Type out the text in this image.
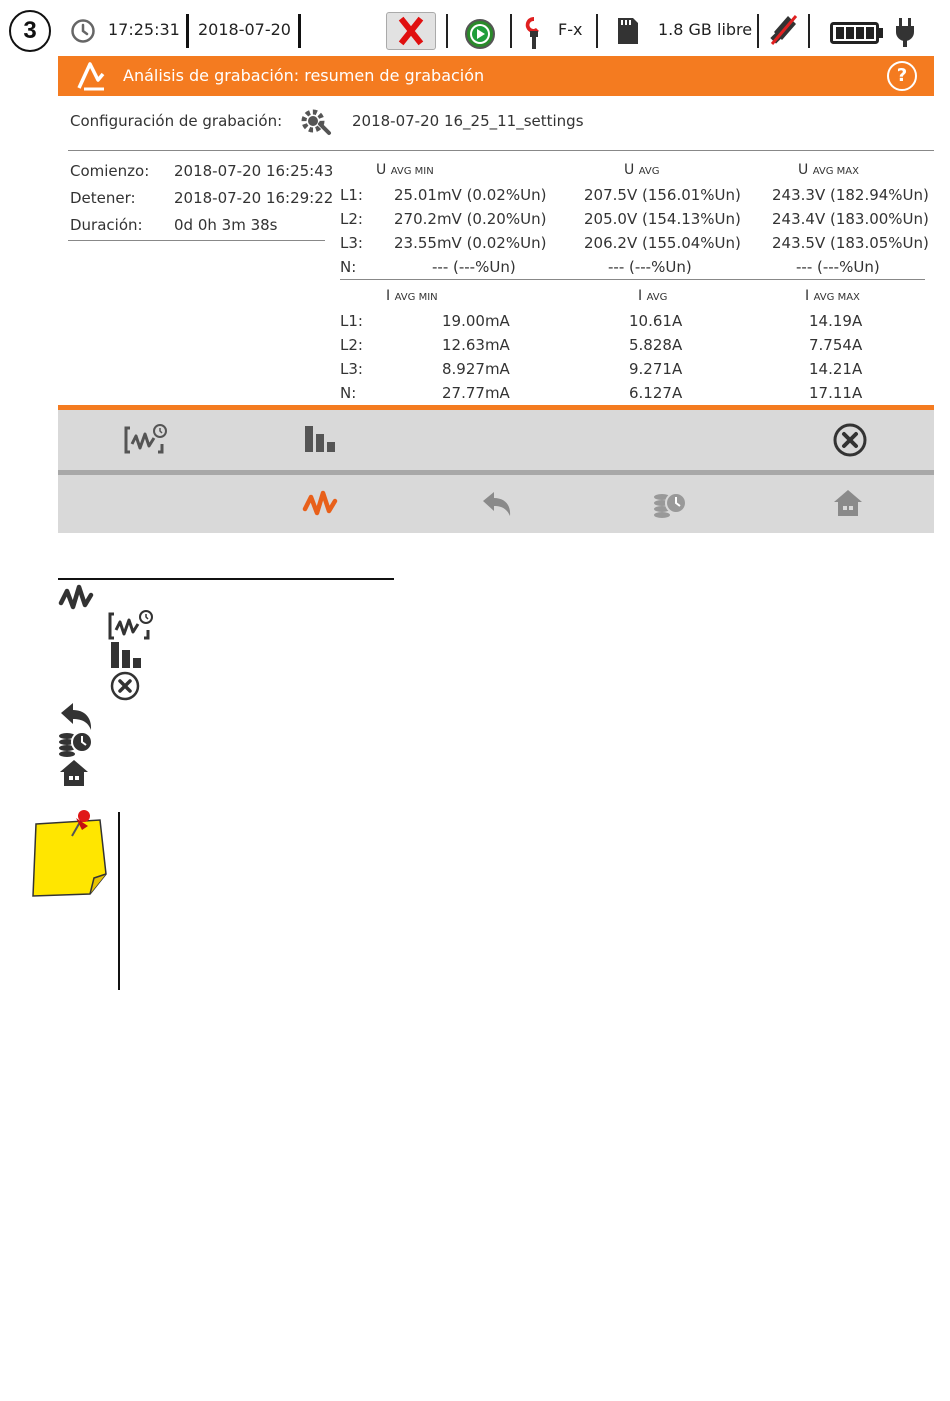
3	17:25:31 2018-07-20	F-x	1.8 GB libre
Análisis de grabación: resumen de grabación	?
Configuración de grabación:	2018-07-20 16_25_11_settings
Comienzo: 2018-07-20 16:25:43
Detener:	2018-07-20 16:29:22
Duración: 0d 0h 3m 38s
U AVG MIN	U AVG	U AVG MAX
L1: 25.01mV (0.02%Un)	207.5V (156.01%Un) 243.3V (182.94%Un)
L2: 270.2mV (0.20%Un)	205.0V (154.13%Un) 243.4V (183.00%Un)
L3: 23.55mV (0.02%Un)	206.2V (155.04%Un) 243.5V (183.05%Un)
N:	--- (---%Un)	--- (---%Un)	--- (---%Un)
I AVG MIN	I AVG	I AVG MAX
L1:	19.00mA	10.61A	14.19A
L2:	12.63mA	5.828A	7.754A
L3:	8.927mA	9.271A	14.21A
N:	27.77mA	6.127A	17.11A
